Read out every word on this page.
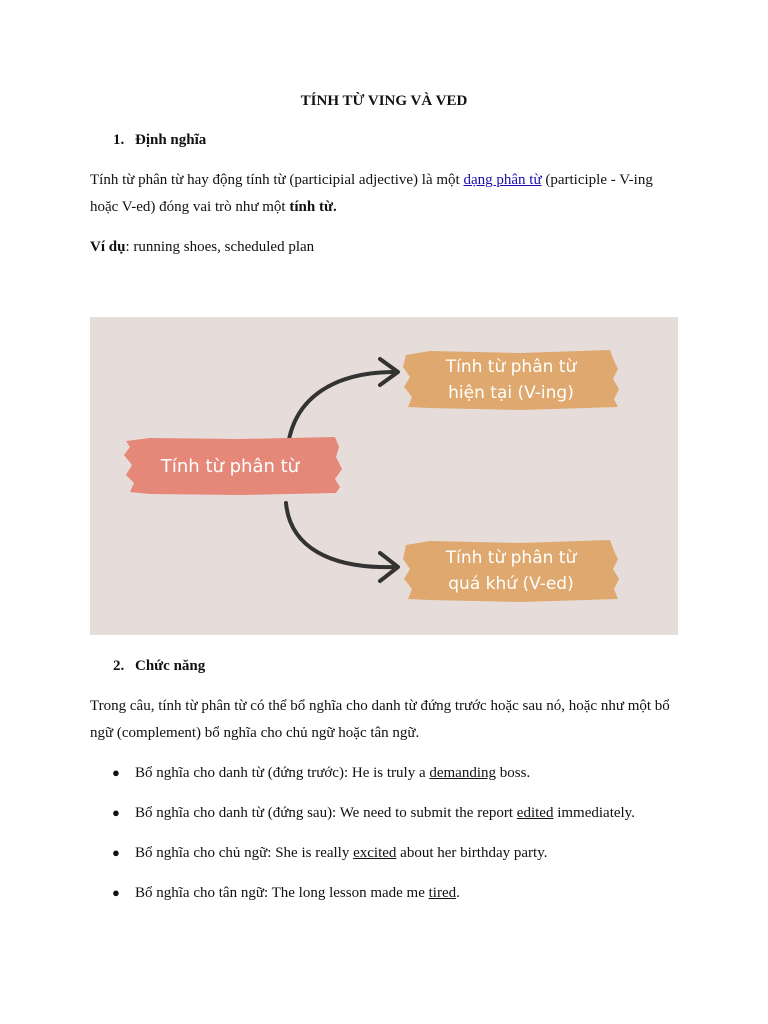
TÍNH TỪ VING VÀ VED
1. Định nghĩa
Tính từ phân từ hay động tính từ (participial adjective) là một dạng phân từ (participle - V-ing hoặc V-ed) đóng vai trò như một tính từ.
Ví dụ: running shoes, scheduled plan
Tính từ phân từ
Tính từ phân từ
hiện tại (V-ing)
Tính từ phân từ
quá khứ (V-ed)
2. Chức năng
Trong câu, tính từ phân từ có thể bổ nghĩa cho danh từ đứng trước hoặc sau nó, hoặc như một bổ ngữ (complement) bổ nghĩa cho chủ ngữ hoặc tân ngữ.
● Bổ nghĩa cho danh từ (đứng trước): He is truly a demanding boss.
● Bổ nghĩa cho danh từ (đứng sau): We need to submit the report edited immediately.
● Bổ nghĩa cho chủ ngữ: She is really excited about her birthday party.
● Bổ nghĩa cho tân ngữ: The long lesson made me tired.
